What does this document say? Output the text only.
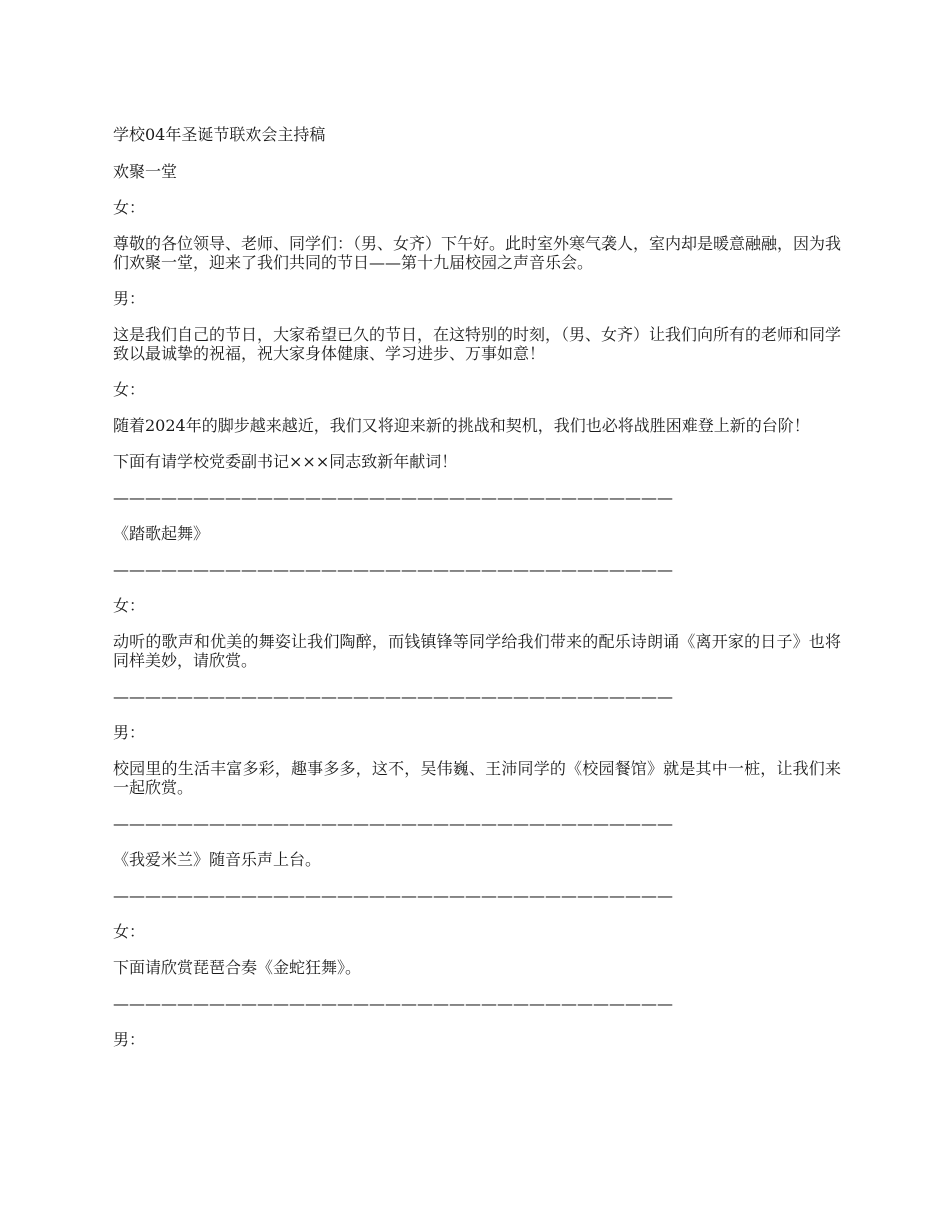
学校04年圣诞节联欢会主持稿

欢聚一堂

女：

尊敬的各位领导、老师、同学们：（男、女齐）下午好。此时室外寒气袭人，室内却是暖意融融，因为我们欢聚一堂，迎来了我们共同的节日——第十九届校园之声音乐会。

男：

这是我们自己的节日，大家希望已久的节日，在这特别的时刻，（男、女齐）让我们向所有的老师和同学致以最诚挚的祝福，祝大家身体健康、学习进步、万事如意！

女：

随着2024年的脚步越来越近，我们又将迎来新的挑战和契机，我们也必将战胜困难登上新的台阶！

下面有请学校党委副书记×××同志致新年献词！

———————————————————————————————————

《踏歌起舞》

———————————————————————————————————

女：

动听的歌声和优美的舞姿让我们陶醉，而钱镇锋等同学给我们带来的配乐诗朗诵《离开家的日子》也将同样美妙，请欣赏。

———————————————————————————————————

男：

校园里的生活丰富多彩，趣事多多，这不，吴伟巍、王沛同学的《校园餐馆》就是其中一桩，让我们来一起欣赏。

———————————————————————————————————

《我爱米兰》随音乐声上台。

———————————————————————————————————

女：

下面请欣赏琵琶合奏《金蛇狂舞》。

———————————————————————————————————

男：
